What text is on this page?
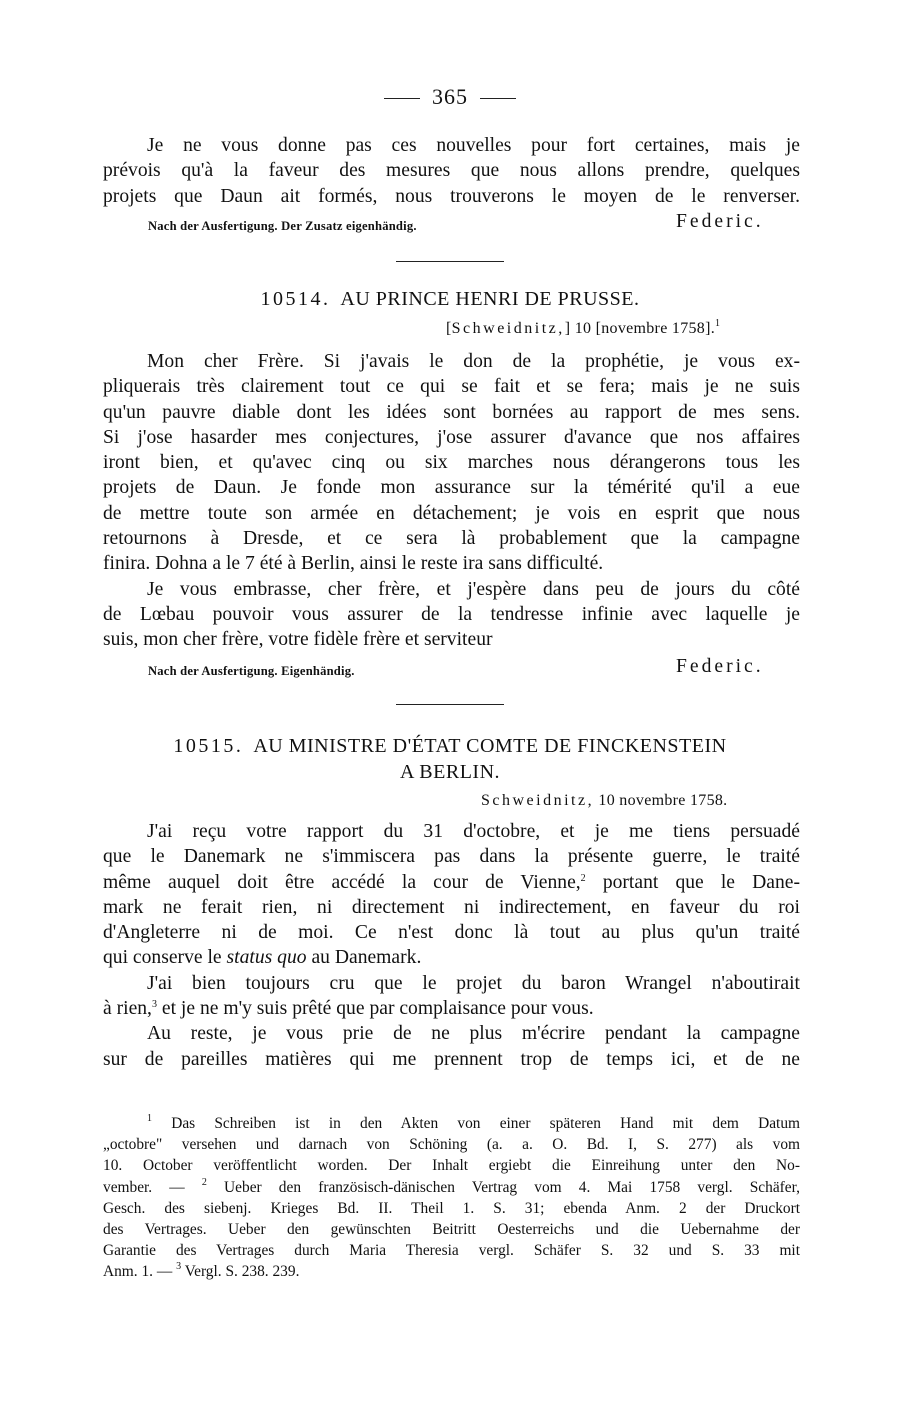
365
Je ne vous donne pas ces nouvelles pour fort certaines, mais je
prévois qu'à la faveur des mesures que nous allons prendre, quelques
projets que Daun ait formés, nous trouverons le moyen de le renverser.
Nach der Ausfertigung. Der Zusatz eigenhändig.	Federic.
10514. AU PRINCE HENRI DE PRUSSE.
[Schweidnitz,] 10 [novembre 1758].$^1$
Mon cher Frère. Si j'avais le don de la prophétie, je vous ex-
pliquerais très clairement tout ce qui se fait et se fera; mais je ne suis
qu'un pauvre diable dont les idées sont bornées au rapport de mes sens.
Si j'ose hasarder mes conjectures, j'ose assurer d'avance que nos affaires
iront bien, et qu'avec cinq ou six marches nous dérangerons tous les
projets de Daun. Je fonde mon assurance sur la témérité qu'il a eue
de mettre toute son armée en détachement; je vois en esprit que nous
retournons à Dresde, et ce sera là probablement que la campagne
finira. Dohna a le 7 été à Berlin, ainsi le reste ira sans difficulté.
Je vous embrasse, cher frère, et j'espère dans peu de jours du côté
de Lœbau pouvoir vous assurer de la tendresse infinie avec laquelle je
suis, mon cher frère, votre fidèle frère et serviteur
Nach der Ausfertigung. Eigenhändig.	Federic.
10515. AU MINISTRE D'ÉTAT COMTE DE FINCKENSTEIN
A BERLIN.
Schweidnitz, 10 novembre 1758.
J'ai reçu votre rapport du 31 d'octobre, et je me tiens persuadé
que le Danemark ne s'immiscera pas dans la présente guerre, le traité
même auquel doit être accédé la cour de Vienne,$^2$ portant que le Dane-
mark ne ferait rien, ni directement ni indirectement, en faveur du roi
d'Angleterre ni de moi. Ce n'est donc là tout au plus qu'un traité
qui conserve le status quo au Danemark.
J'ai bien toujours cru que le projet du baron Wrangel n'aboutirait
à rien,$^3$ et je ne m'y suis prêté que par complaisance pour vous.
Au reste, je vous prie de ne plus m'écrire pendant la campagne
sur de pareilles matières qui me prennent trop de temps ici, et de ne
$^1$ Das Schreiben ist in den Akten von einer späteren Hand mit dem Datum
„octobre" versehen und darnach von Schöning (a. a. O. Bd. I, S. 277) als vom
10. October veröffentlicht worden. Der Inhalt ergiebt die Einreihung unter den No-
vember. — $^2$ Ueber den französisch-dänischen Vertrag vom 4. Mai 1758 vergl. Schäfer,
Gesch. des siebenj. Krieges Bd. II. Theil 1. S. 31; ebenda Anm. 2 der Druckort
des Vertrages. Ueber den gewünschten Beitritt Oesterreichs und die Uebernahme der
Garantie des Vertrages durch Maria Theresia vergl. Schäfer S. 32 und S. 33 mit
Anm. 1. — $^3$ Vergl. S. 238. 239.
